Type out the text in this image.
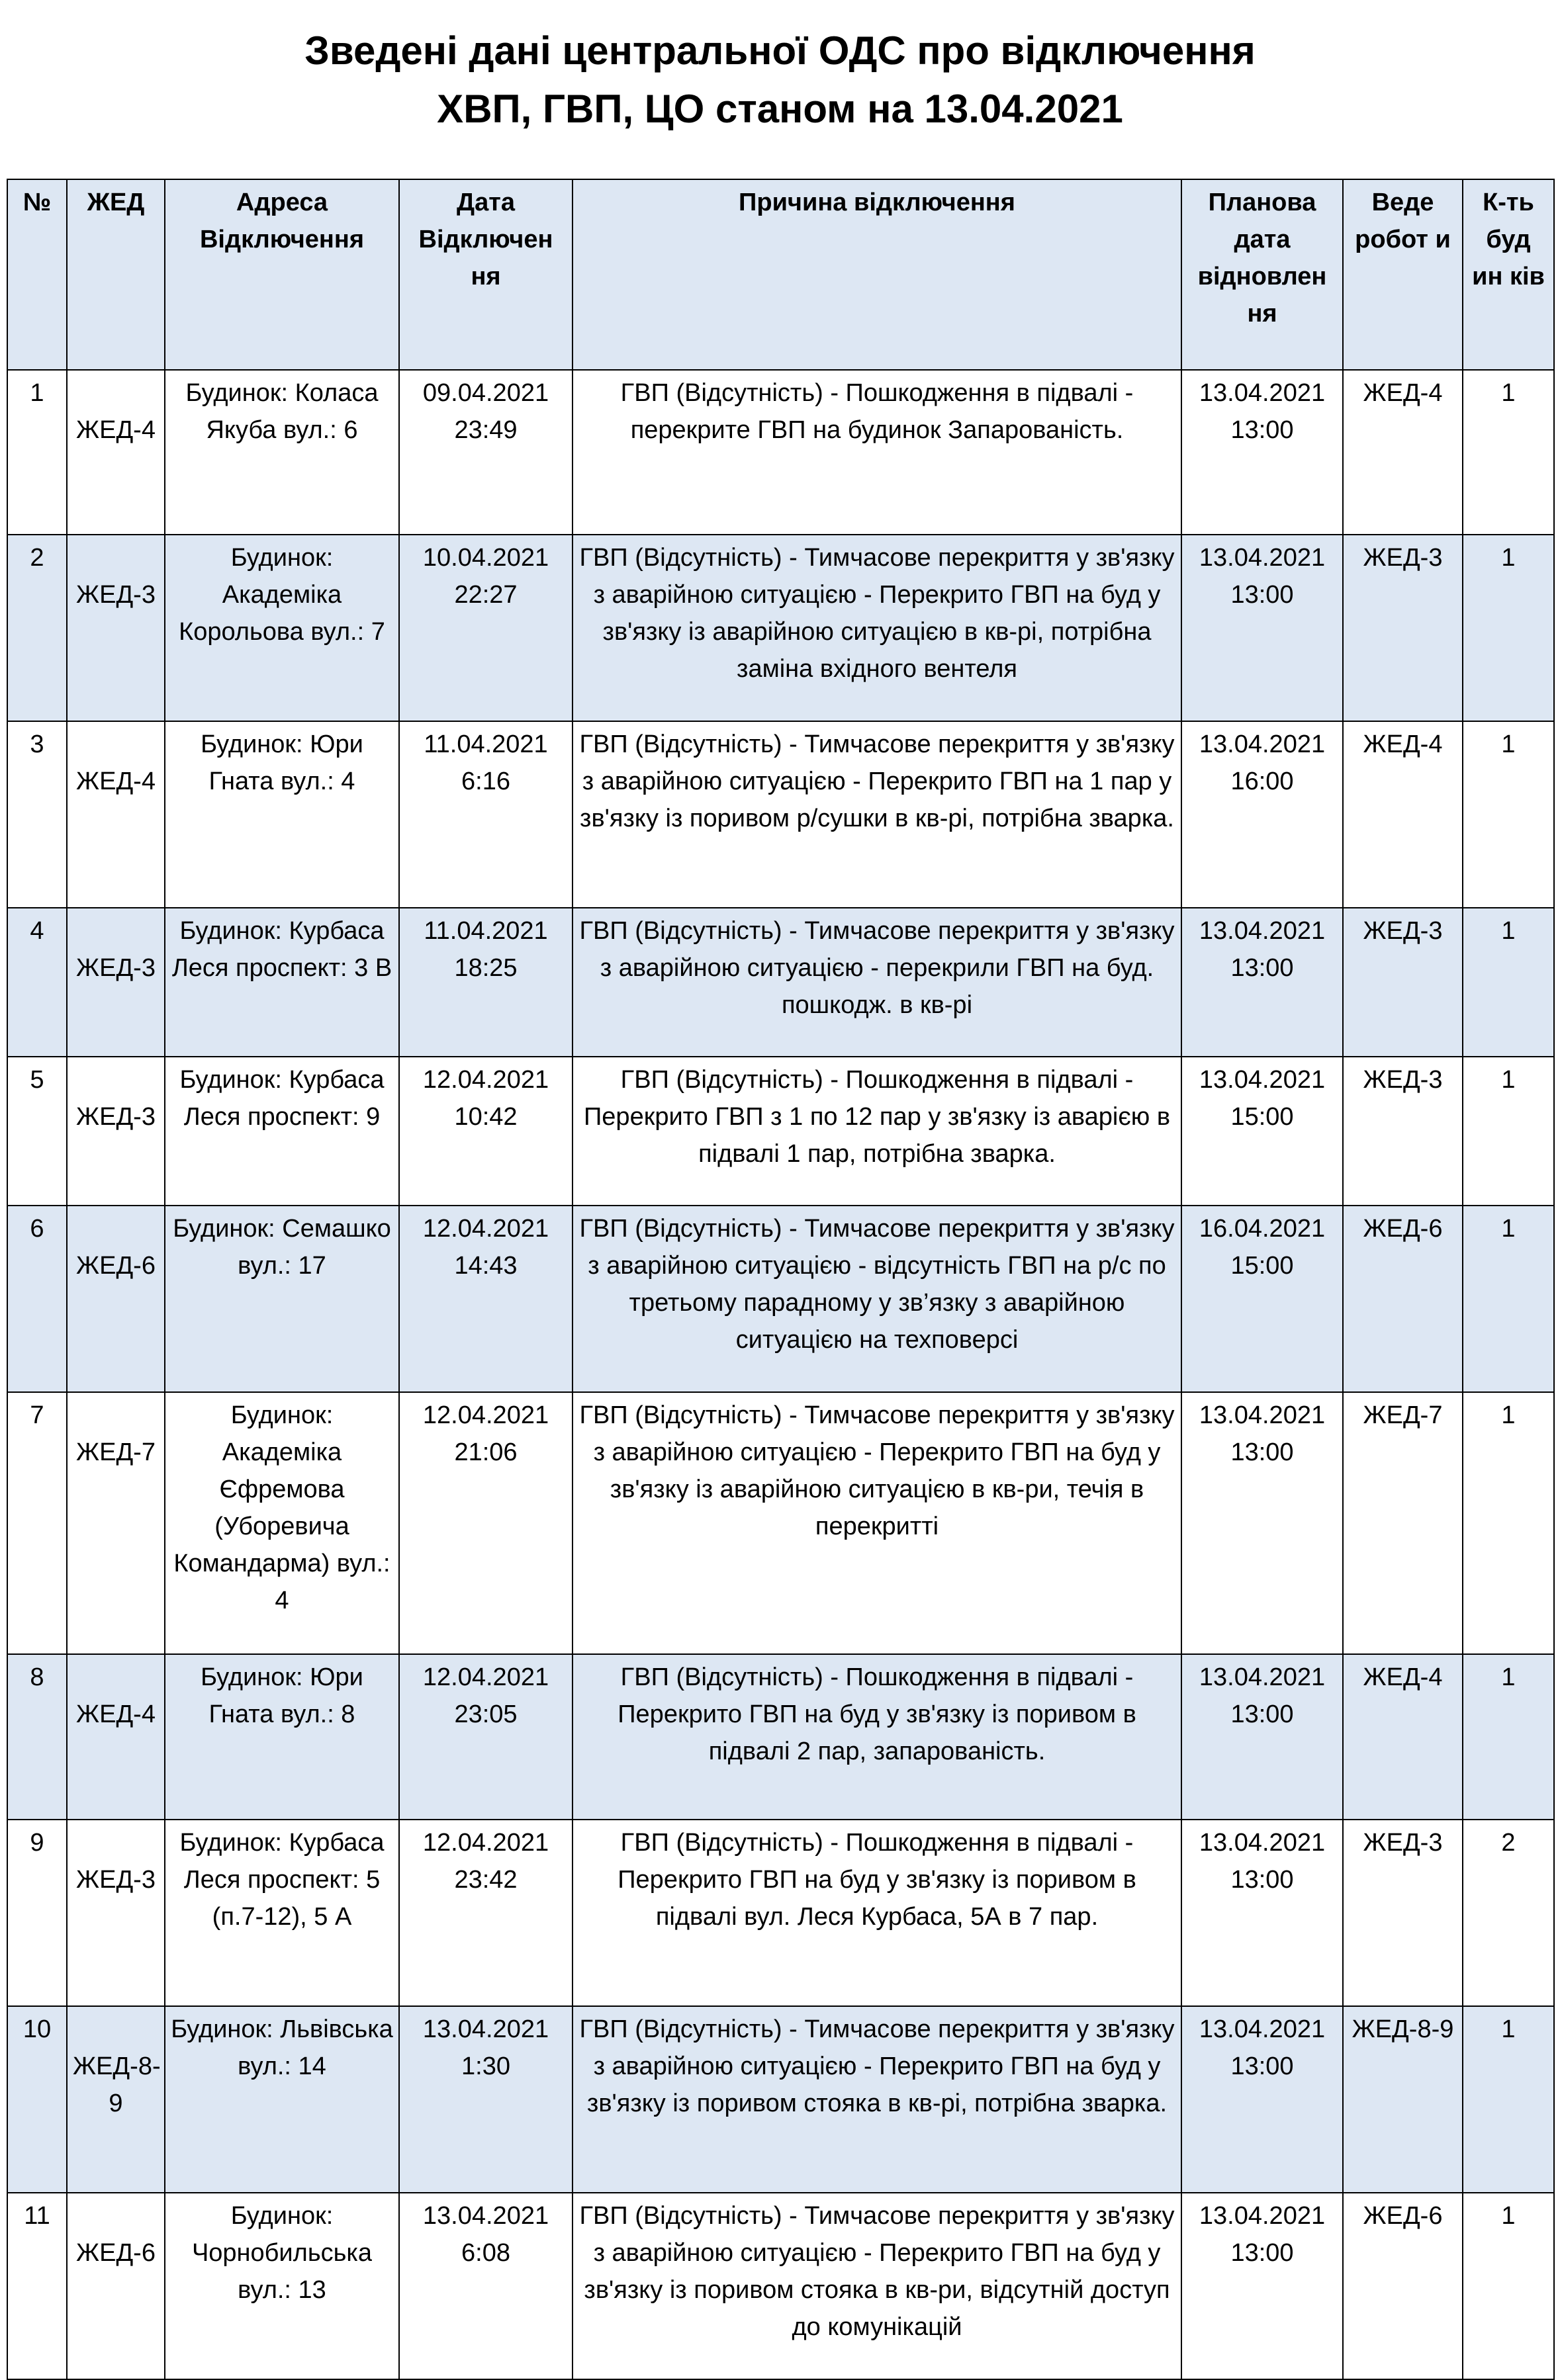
Зведені дані центральної ОДС про відключення
ХВП, ГВП, ЦО станом на 13.04.2021
№	ЖЕД	Адреса Відключення	Дата Відключен ня	Причина відключення	Планова дата відновлен ня	Веде робот и	К-ть буд ин ків
1	ЖЕД-4	Будинок: Коласа Якуба вул.: 6	09.04.2021 23:49	ГВП (Відсутність) - Пошкодження в підвалі - перекрите ГВП на будинок Запарованість.	13.04.2021 13:00	ЖЕД-4	1
2	ЖЕД-3	Будинок: Академіка Корольова вул.: 7	10.04.2021 22:27	ГВП (Відсутність) - Тимчасове перекриття у зв'язку з аварійною ситуацією - Перекрито ГВП на буд у зв'язку із аварійною ситуацією в кв-рі, потрібна заміна вхідного вентеля	13.04.2021 13:00	ЖЕД-3	1
3	ЖЕД-4	Будинок: Юри Гната вул.: 4	11.04.2021 6:16	ГВП (Відсутність) - Тимчасове перекриття у зв'язку з аварійною ситуацією - Перекрито ГВП на 1 пар у зв'язку із поривом р/сушки в кв-рі, потрібна зварка.	13.04.2021 16:00	ЖЕД-4	1
4	ЖЕД-3	Будинок: Курбаса Леся проспект: 3 В	11.04.2021 18:25	ГВП (Відсутність) - Тимчасове перекриття у зв'язку з аварійною ситуацією - перекрили ГВП на буд. пошкодж. в кв-рі	13.04.2021 13:00	ЖЕД-3	1
5	ЖЕД-3	Будинок: Курбаса Леся проспект: 9	12.04.2021 10:42	ГВП (Відсутність) - Пошкодження в підвалі - Перекрито ГВП з 1 по 12 пар у зв'язку із аварією в підвалі 1 пар, потрібна зварка.	13.04.2021 15:00	ЖЕД-3	1
6	ЖЕД-6	Будинок: Семашко вул.: 17	12.04.2021 14:43	ГВП (Відсутність) - Тимчасове перекриття у зв'язку з аварійною ситуацією - відсутність ГВП на р/с по третьому парадному у зв’язку з аварійною ситуацією на техповерсі	16.04.2021 15:00	ЖЕД-6	1
7	ЖЕД-7	Будинок: Академіка Єфремова (Уборевича Командарма) вул.: 4	12.04.2021 21:06	ГВП (Відсутність) - Тимчасове перекриття у зв'язку з аварійною ситуацією - Перекрито ГВП на буд у зв'язку із аварійною ситуацією в кв-ри, течія в перекритті	13.04.2021 13:00	ЖЕД-7	1
8	ЖЕД-4	Будинок: Юри Гната вул.: 8	12.04.2021 23:05	ГВП (Відсутність) - Пошкодження в підвалі - Перекрито ГВП на буд у зв'язку із поривом в підвалі 2 пар, запарованість.	13.04.2021 13:00	ЖЕД-4	1
9	ЖЕД-3	Будинок: Курбаса Леся проспект: 5 (п.7-12), 5 А	12.04.2021 23:42	ГВП (Відсутність) - Пошкодження в підвалі - Перекрито ГВП на буд у зв'язку із поривом в підвалі вул. Леся Курбаса, 5А в 7 пар.	13.04.2021 13:00	ЖЕД-3	2
10	ЖЕД-8-9	Будинок: Львівська вул.: 14	13.04.2021 1:30	ГВП (Відсутність) - Тимчасове перекриття у зв'язку з аварійною ситуацією - Перекрито ГВП на буд у зв'язку із поривом стояка в кв-рі, потрібна зварка.	13.04.2021 13:00	ЖЕД-8-9	1
11	ЖЕД-6	Будинок: Чорнобильська вул.: 13	13.04.2021 6:08	ГВП (Відсутність) - Тимчасове перекриття у зв'язку з аварійною ситуацією - Перекрито ГВП на буд у зв'язку із поривом стояка в кв-ри, відсутній доступ до комунікацій	13.04.2021 13:00	ЖЕД-6	1
